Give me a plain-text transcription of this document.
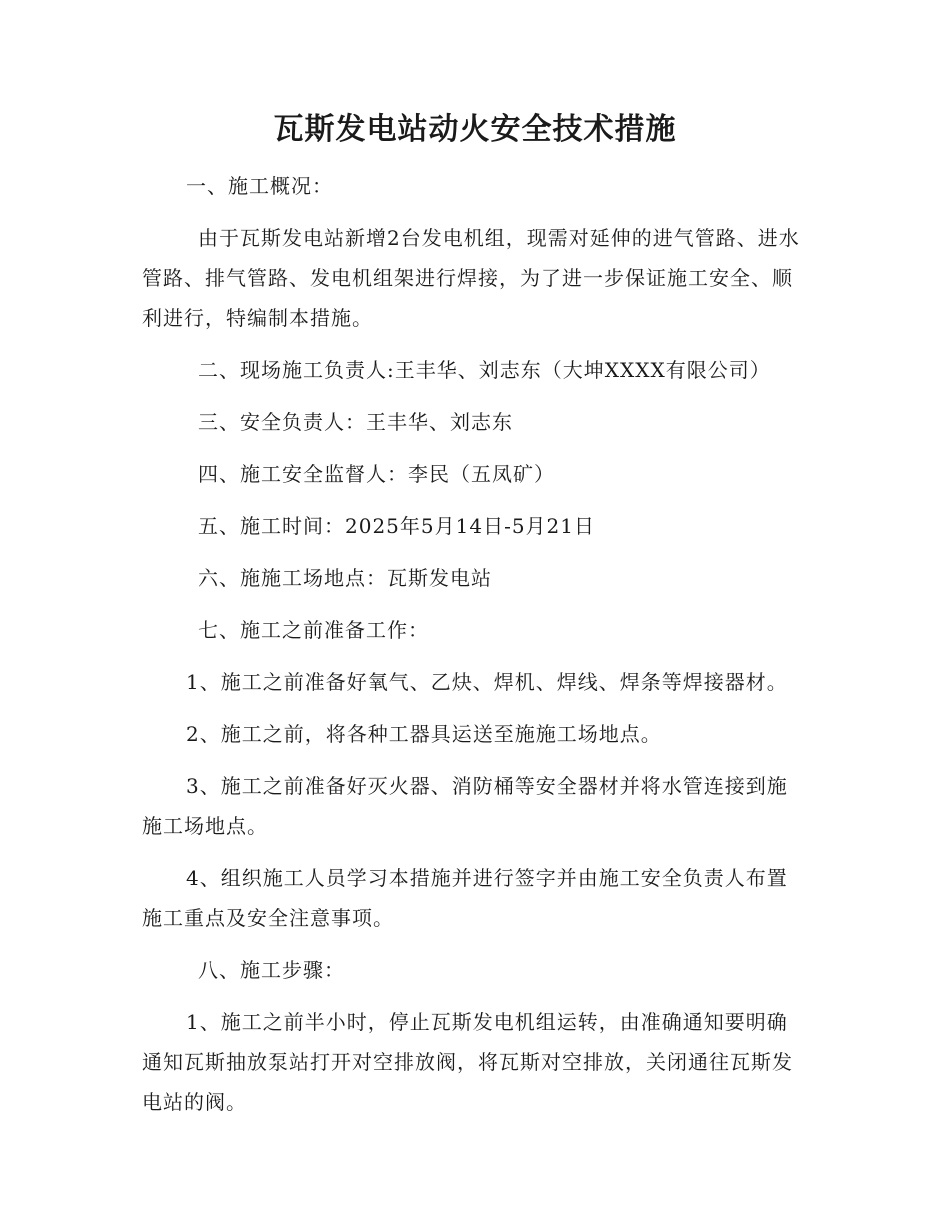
瓦斯发电站动火安全技术措施

一、施工概况：

由于瓦斯发电站新增2台发电机组，现需对延伸的进气管路、进水管路、排气管路、发电机组架进行焊接，为了进一步保证施工安全、顺利进行，特编制本措施。

二、现场施工负责人:王丰华、刘志东（大坤XXXX有限公司）

三、安全负责人：王丰华、刘志东

四、施工安全监督人：李民（五凤矿）

五、施工时间：2025年5月14日-5月21日

六、施施工场地点：瓦斯发电站

七、施工之前准备工作：

1、施工之前准备好氧气、乙炔、焊机、焊线、焊条等焊接器材。

2、施工之前，将各种工器具运送至施施工场地点。

3、施工之前准备好灭火器、消防桶等安全器材并将水管连接到施施工场地点。

4、组织施工人员学习本措施并进行签字并由施工安全负责人布置施工重点及安全注意事项。

八、施工步骤：

1、施工之前半小时，停止瓦斯发电机组运转，由准确通知要明确通知瓦斯抽放泵站打开对空排放阀，将瓦斯对空排放，关闭通往瓦斯发电站的阀。
